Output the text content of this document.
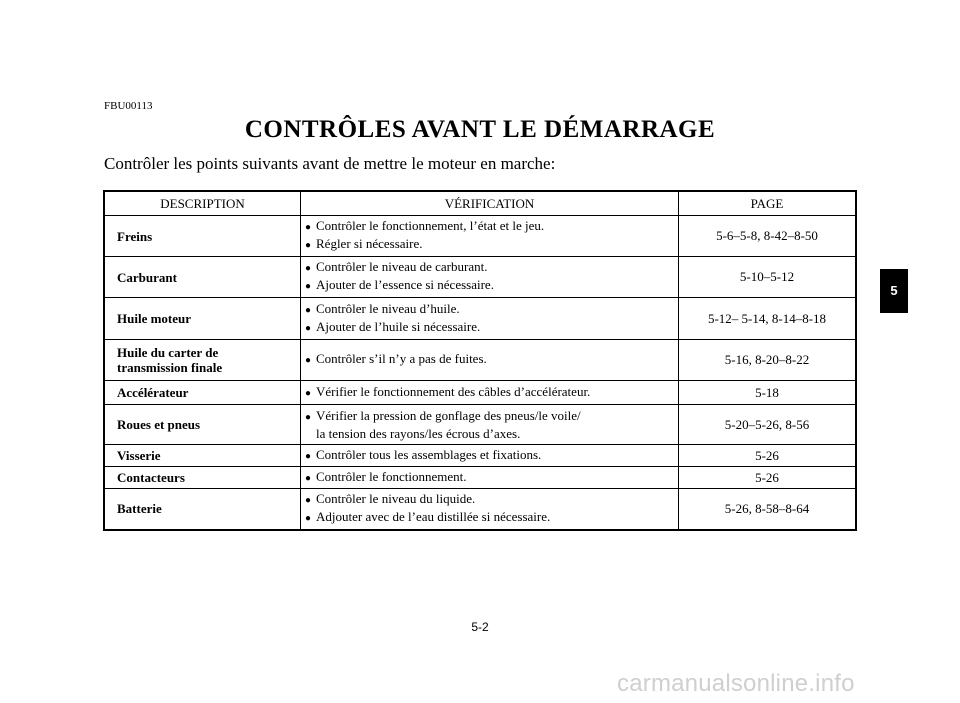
FBU00113
CONTRÔLES AVANT LE DÉMARRAGE
Contrôler les points suivants avant de mettre le moteur en marche:
DESCRIPTION	VÉRIFICATION	PAGE

Freins	● Contrôler le fonctionnement, l’état et le jeu.
● Régler si nécessaire.	5-6–5-8, 8-42–8-50

Carburant	● Contrôler le niveau de carburant.
● Ajouter de l’essence si nécessaire.	5-10–5-12

Huile moteur	● Contrôler le niveau d’huile.
● Ajouter de l’huile si nécessaire.	5-12– 5-14, 8-14–8-18

Huile du carter de
transmission finale	● Contrôler s’il n’y a pas de fuites.	5-16, 8-20–8-22

Accélérateur	● Vérifier le fonctionnement des câbles d’accélérateur.	5-18

Roues et pneus	● Vérifier la pression de gonflage des pneus/le voile/
la tension des rayons/les écrous d’axes.	5-20–5-26, 8-56

Visserie	● Contrôler tous les assemblages et fixations.	5-26

Contacteurs	● Contrôler le fonctionnement.	5-26

Batterie	● Contrôler le niveau du liquide.
● Adjouter avec de l’eau distillée si nécessaire.	5-26, 8-58–8-64
5
5-2
carmanualsonline.info
